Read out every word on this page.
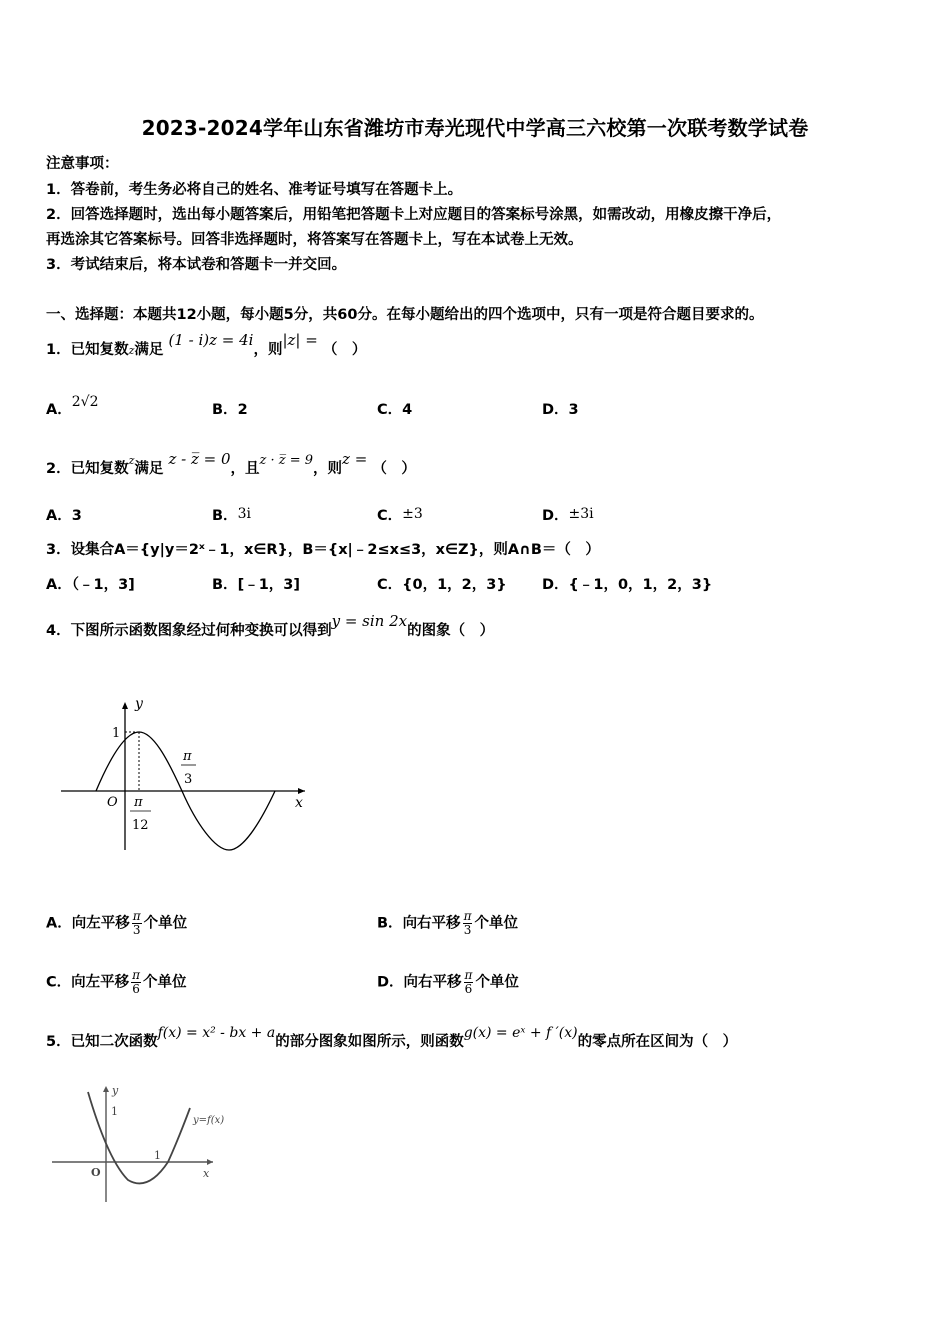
2023-2024学年山东省潍坊市寿光现代中学高三六校第一次联考数学试卷
注意事项：
1．答卷前，考生务必将自己的姓名、准考证号填写在答题卡上。
2．回答选择题时，选出每小题答案后，用铅笔把答题卡上对应题目的答案标号涂黑，如需改动，用橡皮擦干净后，
再选涂其它答案标号。回答非选择题时，将答案写在答题卡上，写在本试卷上无效。
3．考试结束后，将本试卷和答题卡一并交回。
一、选择题：本题共12小题，每小题5分，共60分。在每小题给出的四个选项中，只有一项是符合题目要求的。
1．已知复数z满足 (1 - i)z = 4i，则|z| = （　）
A．2√2	B．2	C．4	D．3
2．已知复数z满足 z - z̅ = 0，且z · z̅ = 9，则z = （　）
A．3	B．3i	C．±3	D．±3i
3．设集合A＝{y|y＝2ˣ﹣1，x∈R}，B＝{x|﹣2≤x≤3，x∈Z}，则A∩B＝（　）
A．（﹣1，3]	B．[﹣1，3]	C．{0，1，2，3} D．{﹣1，0，1，2，3}
4．下图所示函数图象经过何种变换可以得到y = sin 2x的图象（　）
y
x
O
1
π
12
π
3
A．向左平移 $\frac{\pi}{3}$ 个单位	B．向右平移 $\frac{\pi}{3}$ 个单位
C．向左平移 $\frac{\pi}{6}$ 个单位	D．向右平移 $\frac{\pi}{6}$ 个单位
5．已知二次函数f(x) = x² - bx + a的部分图象如图所示，则函数g(x) = eˣ + f ′(x)的零点所在区间为（　）
y
x
O
1
1
y=f(x)
